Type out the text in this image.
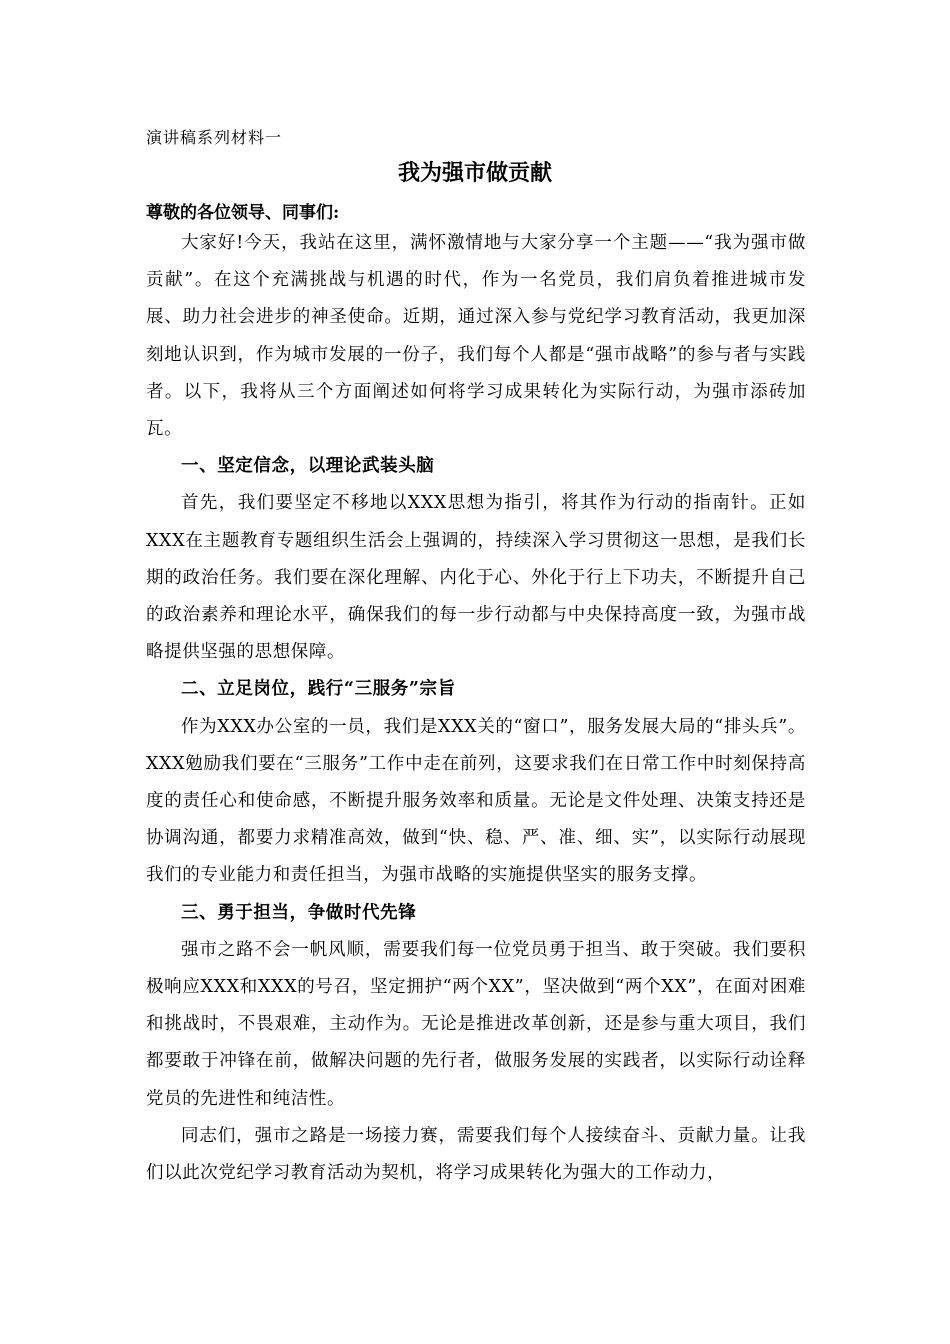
演讲稿系列材料一
我为强市做贡献
尊敬的各位领导、同事们:

大家好!今天，我站在这里，满怀激情地与大家分享一个主题——“我为强市做贡献”。在这个充满挑战与机遇的时代，作为一名党员，我们肩负着推进城市发展、助力社会进步的神圣使命。近期，通过深入参与党纪学习教育活动，我更加深刻地认识到，作为城市发展的一份子，我们每个人都是“强市战略”的参与者与实践者。以下，我将从三个方面阐述如何将学习成果转化为实际行动，为强市添砖加瓦。

一、坚定信念，以理论武装头脑

首先，我们要坚定不移地以XXX思想为指引，将其作为行动的指南针。正如XXX在主题教育专题组织生活会上强调的，持续深入学习贯彻这一思想，是我们长期的政治任务。我们要在深化理解、内化于心、外化于行上下功夫，不断提升自己的政治素养和理论水平，确保我们的每一步行动都与中央保持高度一致，为强市战略提供坚强的思想保障。

二、立足岗位，践行“三服务”宗旨

作为XXX办公室的一员，我们是XXX关的“窗口”，服务发展大局的“排头兵”。XXX勉励我们要在“三服务”工作中走在前列，这要求我们在日常工作中时刻保持高度的责任心和使命感，不断提升服务效率和质量。无论是文件处理、决策支持还是协调沟通，都要力求精准高效，做到“快、稳、严、准、细、实”，以实际行动展现我们的专业能力和责任担当，为强市战略的实施提供坚实的服务支撑。

三、勇于担当，争做时代先锋

强市之路不会一帆风顺，需要我们每一位党员勇于担当、敢于突破。我们要积极响应XXX和XXX的号召，坚定拥护“两个XX”，坚决做到“两个XX”，在面对困难和挑战时，不畏艰难，主动作为。无论是推进改革创新，还是参与重大项目，我们都要敢于冲锋在前，做解决问题的先行者，做服务发展的实践者，以实际行动诠释党员的先进性和纯洁性。

同志们，强市之路是一场接力赛，需要我们每个人接续奋斗、贡献力量。让我们以此次党纪学习教育活动为契机，将学习成果转化为强大的工作动力，
